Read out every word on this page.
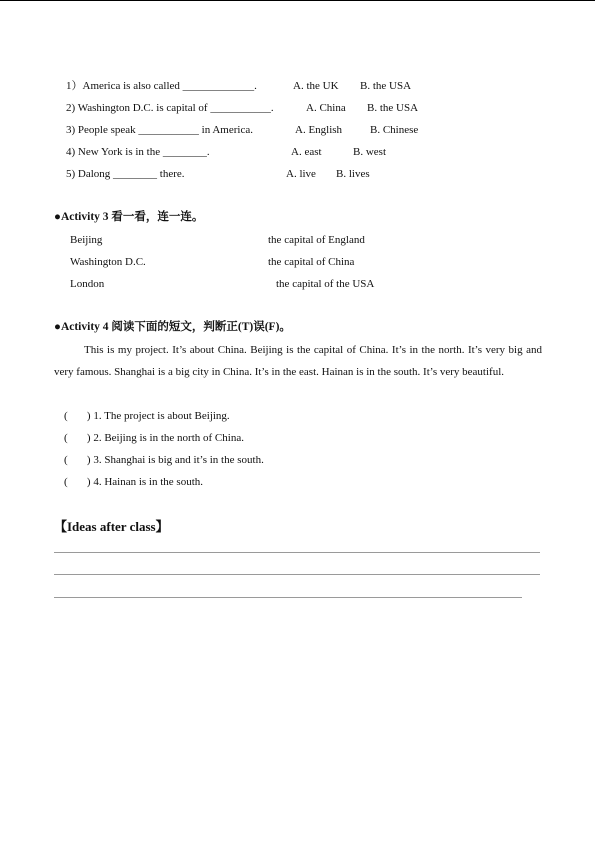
1）America is also called _____________.	A. the UK B. the USA
2) Washington D.C. is capital of ___________.	A. China B. the USA
3) People speak ___________ in America.	A. English	B. Chinese
4) New York is in the ________.	A. east	B. west
5) Dalong ________ there.	A. live B. lives
●Activity 3 看一看，连一连。
Beijing	the capital of England
Washington D.C.	the capital of China
London	the capital of the USA
●Activity 4 阅读下面的短文，判断正(T)误(F)。
This is my project. It’s about China. Beijing is the capital of China. It’s in the north. It’s very big and very famous. Shanghai is a big city in China. It’s in the east. Hainan is in the south. It’s very beautiful.
(       ) 1. The project is about Beijing.
(       ) 2. Beijing is in the north of China.
(       ) 3. Shanghai is big and it’s in the south.
(       ) 4. Hainan is in the south.
【Ideas after class】
